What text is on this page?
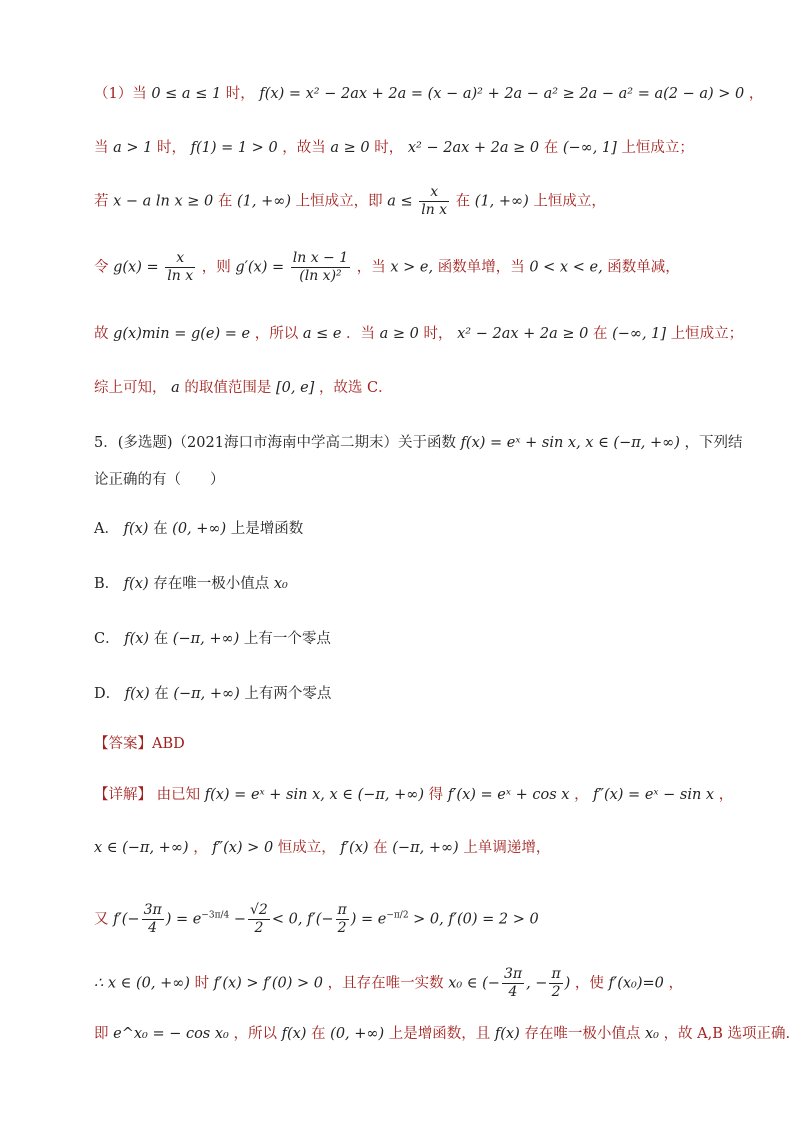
（1）当 0 ≤ a ≤ 1 时， f(x) = x² − 2ax + 2a = (x − a)² + 2a − a² ≥ 2a − a² = a(2 − a) > 0 ，
当 a > 1 时， f(1) = 1 > 0 ，故当 a ≥ 0 时， x² − 2ax + 2a ≥ 0 在 (−∞, 1] 上恒成立；
若 x − a ln x ≥ 0 在 (1, +∞) 上恒成立，即 $a \le \frac{x}{\text{ln x}}$ 在 (1, +∞) 上恒成立，
令 $g(x) = \frac{x}{\text{ln x}}$ ，则 $g'(x) = \frac{\text{ln x − 1}}{\text{(ln x)²}}$ ，当 x > e, 函数单增，当 0 < x < e, 函数单减，
故 g(x)min = g(e) = e ，所以 a ≤ e ．当 a ≥ 0 时， x² − 2ax + 2a ≥ 0 在 (−∞, 1] 上恒成立；
综上可知， a 的取值范围是 [0, e] ，故选 C．
5．(多选题)（2021海口市海南中学高二期末）关于函数 f(x) = eˣ + sin x, x ∈ (−π, +∞) ，下列结
论正确的有（　　）
A． f(x) 在 (0, +∞) 上是增函数
B． f(x) 存在唯一极小值点 x₀
C． f(x) 在 (−π, +∞) 上有一个零点
D． f(x) 在 (−π, +∞) 上有两个零点
【答案】ABD
【详解】 由已知 f(x) = eˣ + sin x, x ∈ (−π, +∞) 得 f′(x) = eˣ + cos x ， f″(x) = eˣ − sin x ，
x ∈ (−π, +∞) ， f″(x) > 0 恒成立， f′(x) 在 (−π, +∞) 上单调递增，
又 $f'(- \frac{3\pi}{4}$ ) = $e^{-3\pi/4} - \frac{√2}{2} < 0$, $f'(- \frac{\pi}{2}$ ) = $e^{-\pi/2} > 0$, f′(0) = 2 > 0
∴ x ∈ (0, +∞) 时 f′(x) > f′(0) > 0 ，且存在唯一实数 x₀ ∈ (− $\frac{3\pi}{4}$ , − $\frac{\pi}{2}$ ) ，使 f′(x₀)=0 ，
即 e^x₀ = − cos x₀ ，所以 f(x) 在 (0, +∞) 上是增函数，且 f(x) 存在唯一极小值点 x₀ ，故 A,B 选项正确.
